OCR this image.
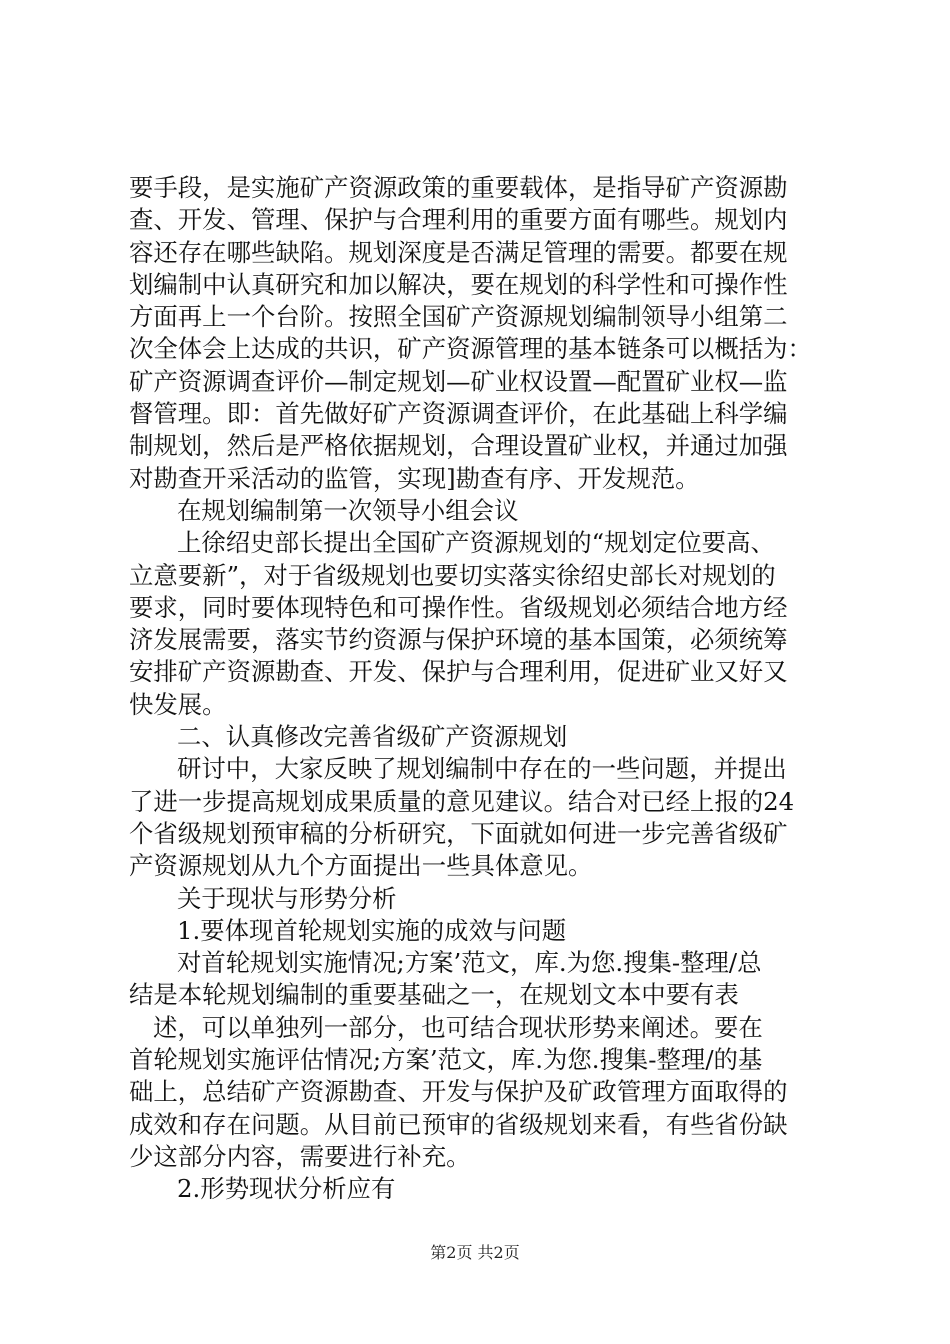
要手段，是实施矿产资源政策的重要载体，是指导矿产资源勘
查、开发、管理、保护与合理利用的重要方面有哪些。规划内
容还存在哪些缺陷。规划深度是否满足管理的需要。都要在规
划编制中认真研究和加以解决，要在规划的科学性和可操作性
方面再上一个台阶。按照全国矿产资源规划编制领导小组第二
次全体会上达成的共识，矿产资源管理的基本链条可以概括为：
矿产资源调查评价—制定规划—矿业权设置—配置矿业权—监
督管理。即：首先做好矿产资源调查评价，在此基础上科学编
制规划，然后是严格依据规划，合理设置矿业权，并通过加强
对勘查开采活动的监管，实现]勘查有序、开发规范。
在规划编制第一次领导小组会议
上徐绍史部长提出全国矿产资源规划的“规划定位要高、
立意要新”，对于省级规划也要切实落实徐绍史部长对规划的
要求，同时要体现特色和可操作性。省级规划必须结合地方经
济发展需要，落实节约资源与保护环境的基本国策，必须统筹
安排矿产资源勘查、开发、保护与合理利用，促进矿业又好又
快发展。
二、认真修改完善省级矿产资源规划
研讨中，大家反映了规划编制中存在的一些问题，并提出
了进一步提高规划成果质量的意见建议。结合对已经上报的24
个省级规划预审稿的分析研究，下面就如何进一步完善省级矿
产资源规划从九个方面提出一些具体意见。
关于现状与形势分析
1.要体现首轮规划实施的成效与问题
对首轮规划实施情况;方案’范文，库.为您.搜集-整理/总
结是本轮规划编制的重要基础之一，在规划文本中要有表
述，可以单独列一部分，也可结合现状形势来阐述。要在
首轮规划实施评估情况;方案’范文，库.为您.搜集-整理/的基
础上，总结矿产资源勘查、开发与保护及矿政管理方面取得的
成效和存在问题。从目前已预审的省级规划来看，有些省份缺
少这部分内容，需要进行补充。
2.形势现状分析应有
第2页 共2页
